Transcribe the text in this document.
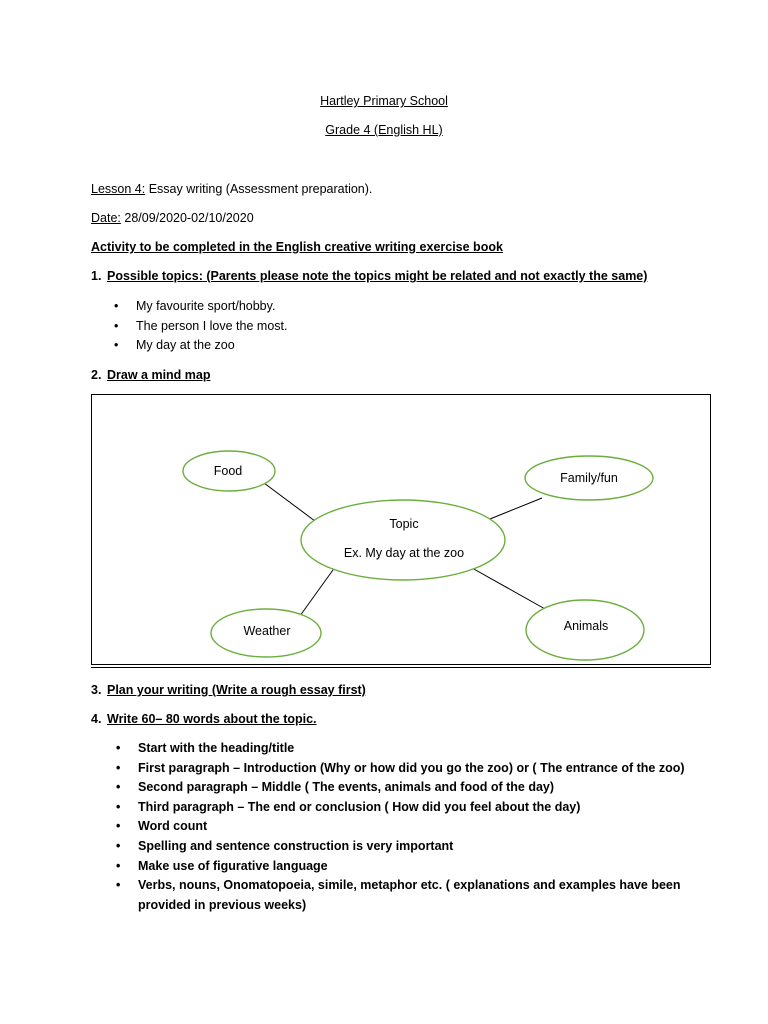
Hartley Primary School
Grade 4 (English HL)
Lesson 4: Essay writing (Assessment preparation).
Date: 28/09/2020-02/10/2020
Activity to be completed in the English creative writing exercise book
1. Possible topics: (Parents please note the topics might be related and not exactly the same)
• My favourite sport/hobby.
• The person I love the most.
• My day at the zoo
2. Draw a mind map
Food	Family/fun
Topic
Ex. My day at the zoo
Weather	Animals
3. Plan your writing (Write a rough essay first)
4. Write 60– 80 words about the topic.
• Start with the heading/title
• First paragraph – Introduction (Why or how did you go the zoo) or ( The entrance of the zoo)
• Second paragraph – Middle ( The events, animals and food of the day)
• Third paragraph – The end or conclusion ( How did you feel about the day)
• Word count
• Spelling and sentence construction is very important
• Make use of figurative language
• Verbs, nouns, Onomatopoeia, simile, metaphor etc. ( explanations and examples have been
provided in previous weeks)
